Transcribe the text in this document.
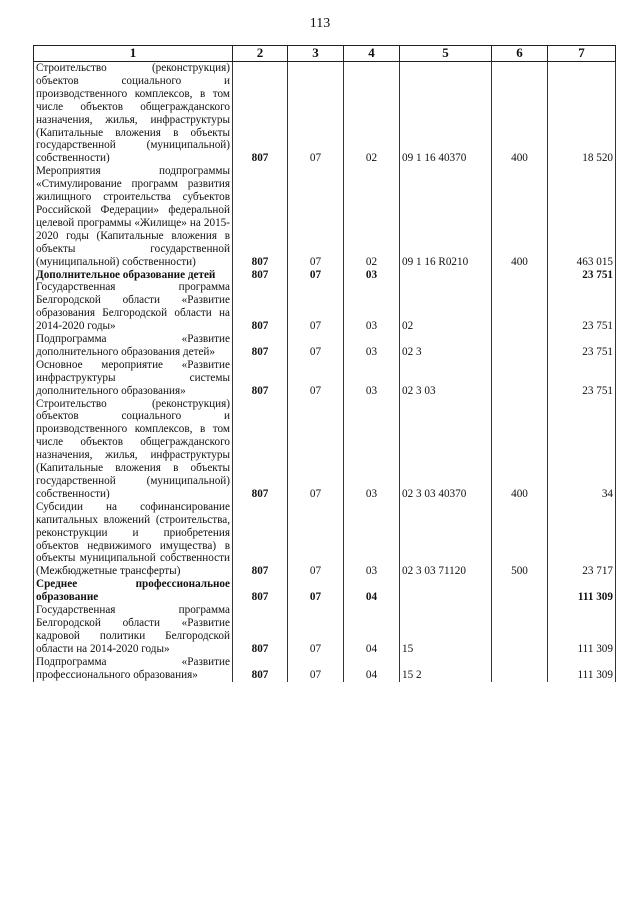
113
1	2	3	4	5	6	7
Строительство (реконструкция) объектов социального и производственного комплексов, в том числе объектов общегражданского назначения, жилья, инфраструктуры (Капитальные вложения в объекты государственной (муниципальной) собственности)	807	07	02	09 1 16 40370	400	18 520
Мероприятия подпрограммы «Стимулирование программ развития жилищного строительства субъектов Российской Федерации» федеральной целевой программы «Жилище» на 2015-2020 годы (Капитальные вложения в объекты государственной (муниципальной) собственности)	807	07	02	09 1 16 R0210	400	463 015
Дополнительное образование детей	807	07	03			23 751
Государственная программа Белгородской области «Развитие образования Белгородской области на 2014-2020 годы»	807	07	03	02		23 751
Подпрограмма «Развитие дополнительного образования детей»	807	07	03	02 3		23 751
Основное мероприятие «Развитие инфраструктуры системы дополнительного образования»	807	07	03	02 3 03		23 751
Строительство (реконструкция) объектов социального и производственного комплексов, в том числе объектов общегражданского назначения, жилья, инфраструктуры (Капитальные вложения в объекты государственной (муниципальной) собственности)	807	07	03	02 3 03 40370	400	34
Субсидии на софинансирование капитальных вложений (строительства, реконструкции и приобретения объектов недвижимого имущества) в объекты муниципальной собственности (Межбюджетные трансферты)	807	07	03	02 3 03 71120	500	23 717
Среднее профессиональное образование	807	07	04			111 309
Государственная программа Белгородской области «Развитие кадровой политики Белгородской области на 2014-2020 годы»	807	07	04	15		111 309
Подпрограмма «Развитие профессионального образования»	807	07	04	15 2		111 309
